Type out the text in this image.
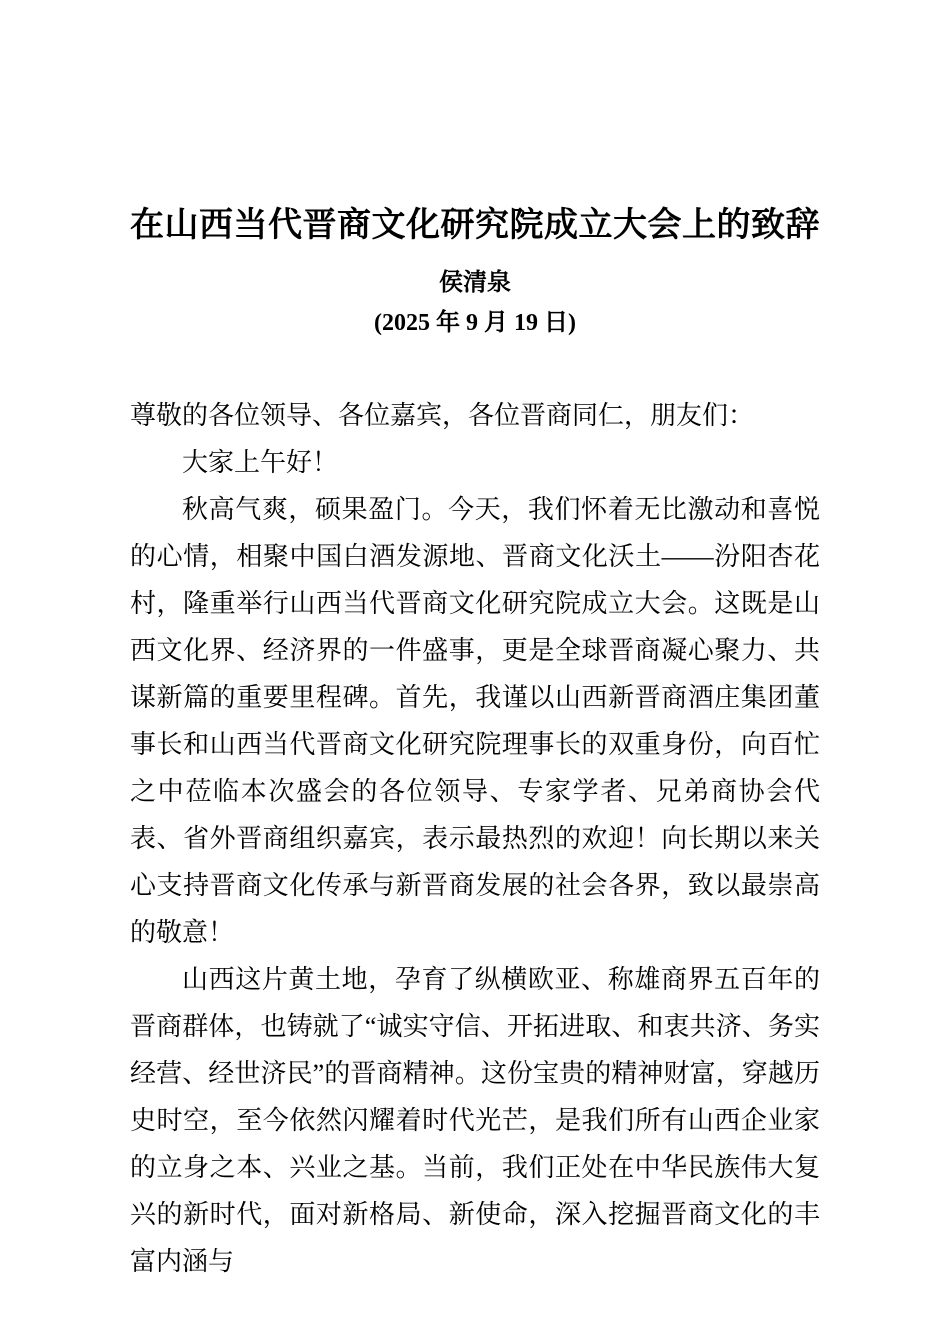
在山西当代晋商文化研究院成立大会上的致辞
侯清泉
(2025 年 9 月 19 日)

尊敬的各位领导、各位嘉宾，各位晋商同仁，朋友们：

大家上午好！

秋高气爽，硕果盈门。今天，我们怀着无比激动和喜悦的心情，相聚中国白酒发源地、晋商文化沃土——汾阳杏花村，隆重举行山西当代晋商文化研究院成立大会。这既是山西文化界、经济界的一件盛事，更是全球晋商凝心聚力、共谋新篇的重要里程碑。首先，我谨以山西新晋商酒庄集团董事长和山西当代晋商文化研究院理事长的双重身份，向百忙之中莅临本次盛会的各位领导、专家学者、兄弟商协会代表、省外晋商组织嘉宾，表示最热烈的欢迎！向长期以来关心支持晋商文化传承与新晋商发展的社会各界，致以最崇高的敬意！

山西这片黄土地，孕育了纵横欧亚、称雄商界五百年的晋商群体，也铸就了“诚实守信、开拓进取、和衷共济、务实经营、经世济民”的晋商精神。这份宝贵的精神财富，穿越历史时空，至今依然闪耀着时代光芒，是我们所有山西企业家的立身之本、兴业之基。当前，我们正处在中华民族伟大复兴的新时代，面对新格局、新使命，深入挖掘晋商文化的丰富内涵与
